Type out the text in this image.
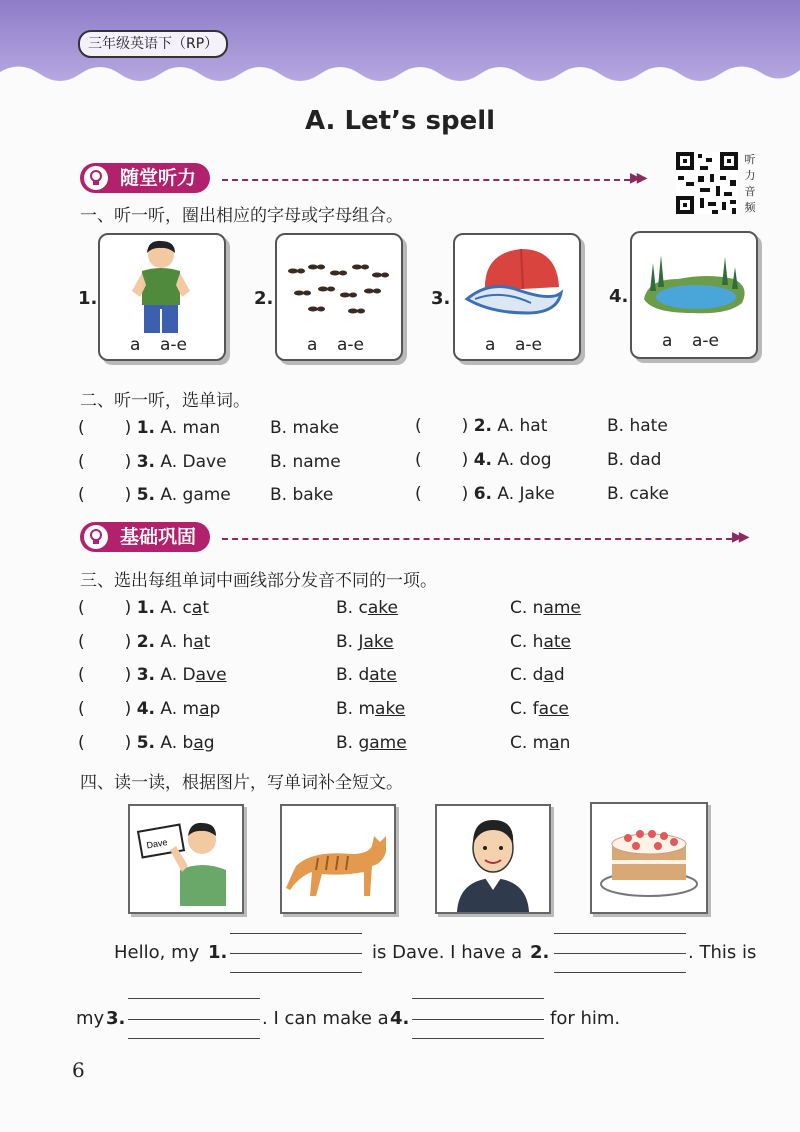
三年级英语下（RP）
A. Let’s spell
随堂听力	▶▶
听力音频
一、听一听，圈出相应的字母或字母组合。
1.
a a-e
2.
a a-e
3.
a a-e
4.
a a-e
二、听一听，选单词。
( ) 1. A. man	B. make	( ) 2. A. hat	B. hate
( ) 3. A. Dave	B. name	( ) 4. A. dog	B. dad
( ) 5. A. game B. bake	( ) 6. A. Jake	B. cake
基础巩固	▶▶
三、选出每组单词中画线部分发音不同的一项。
( ) 1. A. cat	B. cake	C. name
( ) 2. A. hat	B. Jake	C. hate
( ) 3. A. Dave	B. date	C. dad
( ) 4. A. map	B. make	C. face
( ) 5. A. bag	B. game	C. man
四、读一读，根据图片，写单词补全短文。
Dave
Hello, my 1.	is Dave. I have a 2.	. This is
my 3.	. I can make a 4.	for him.
6
